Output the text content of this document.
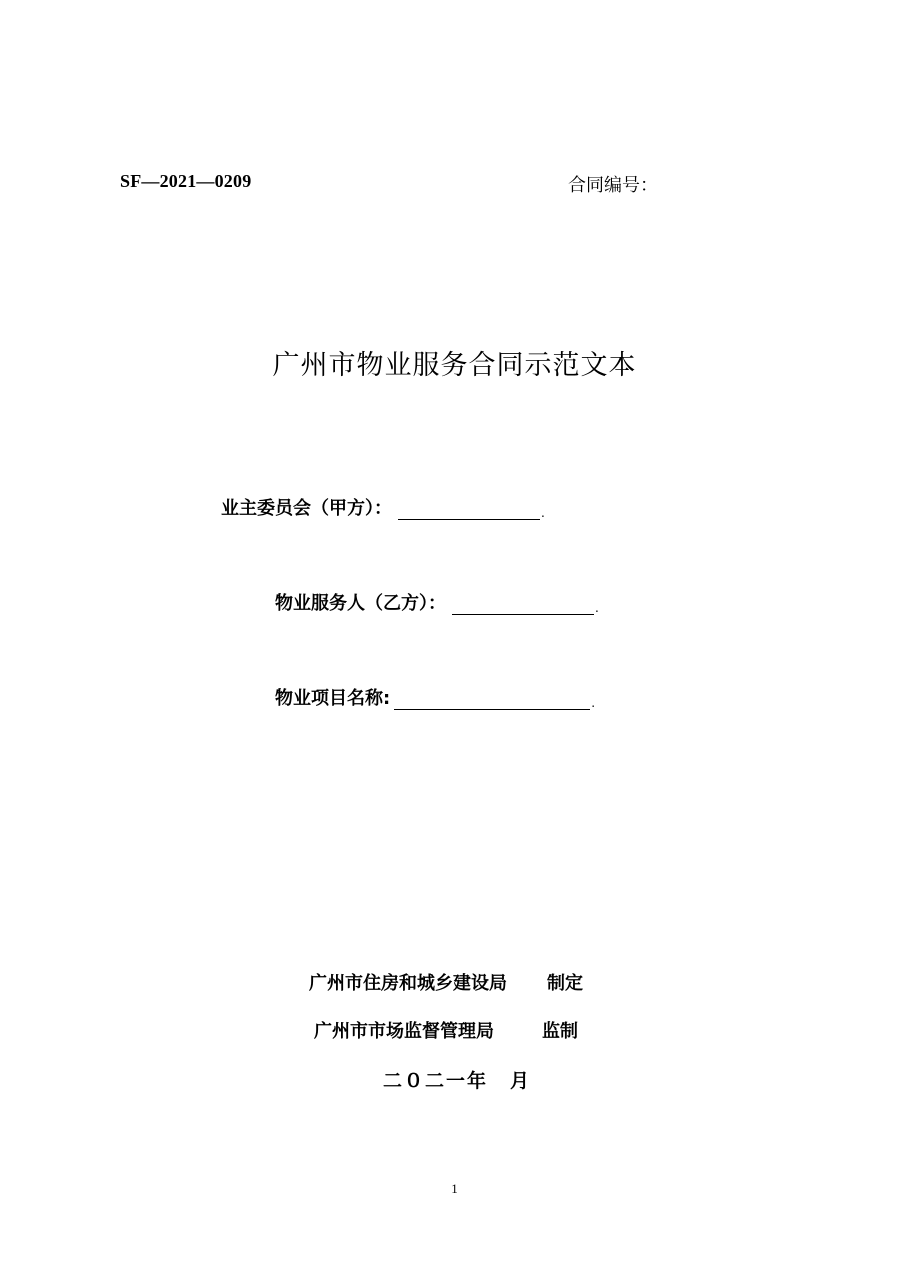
SF—2021—0209	合同编号：
广州市物业服务合同示范文本
业主委员会（甲方）：	.
物业服务人（乙方）：	.
物业项目名称:	.
广州市住房和城乡建设局 制定
广州市市场监督管理局	监制
二０二一年 月
1
